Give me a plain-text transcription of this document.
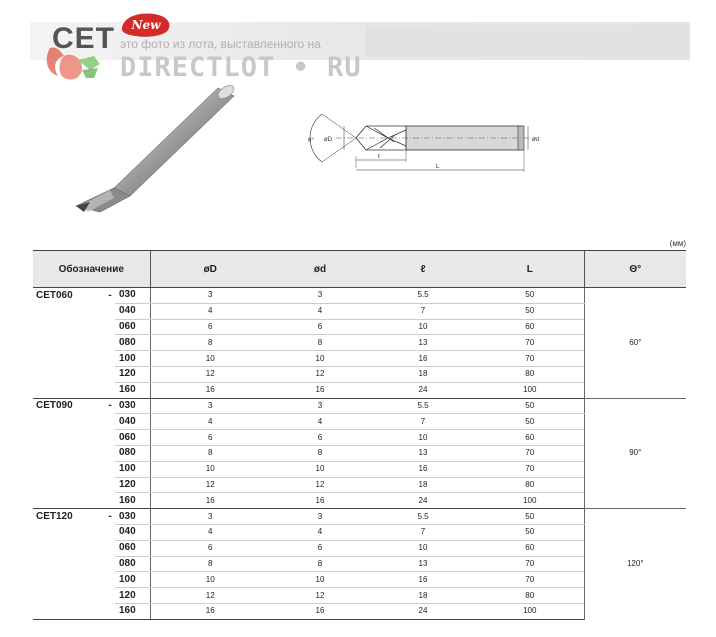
CET New
это фото из лота, выставленного на
DIRECTLOT • RU
θ° øD	ød
ℓ
L
(мм)
Обозначение			øD	ød	ℓ	L	Θ°
CET060	-	030	3	3	5.5	50	60°
		040	4	4	7	50	
		060	6	6	10	60	
		080	8	8	13	70	
		100	10	10	16	70	
		120	12	12	18	80	
		160	16	16	24	100	
CET090	-	030	3	3	5.5	50	90°
		040	4	4	7	50	
		060	6	6	10	60	
		080	8	8	13	70	
		100	10	10	16	70	
		120	12	12	18	80	
		160	16	16	24	100	
CET120	-	030	3	3	5.5	50	120°
		040	4	4	7	50	
		060	6	6	10	60	
		080	8	8	13	70	
		100	10	10	16	70	
		120	12	12	18	80	
		160	16	16	24	100	
